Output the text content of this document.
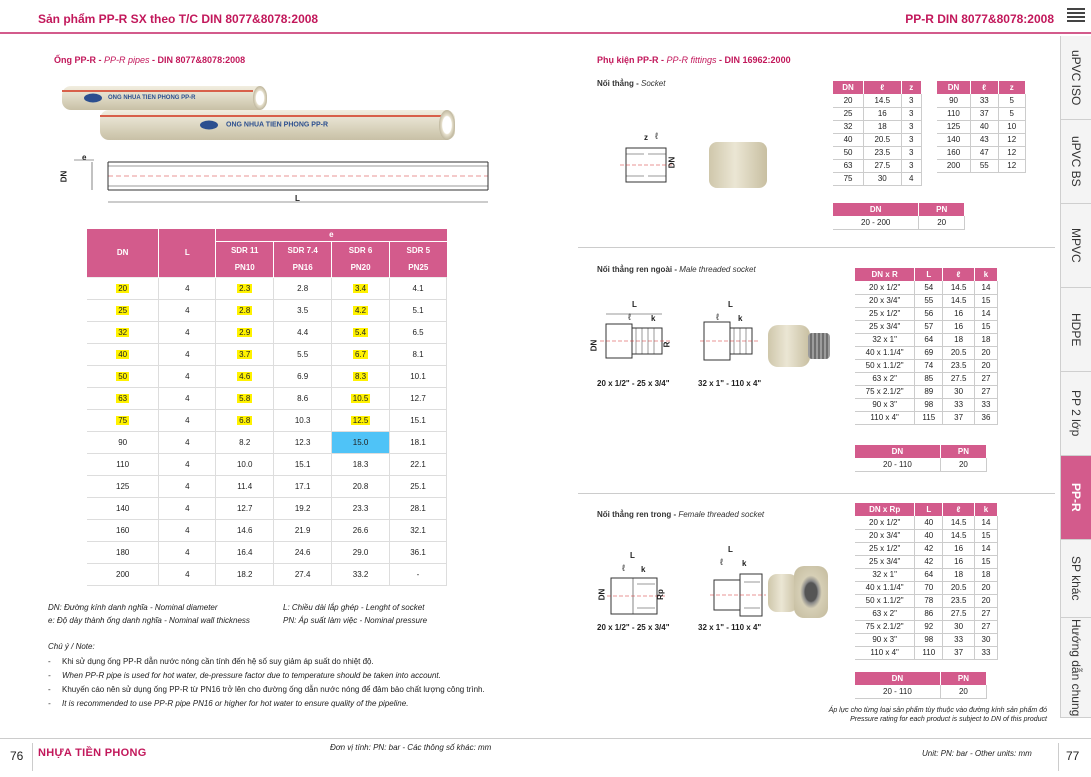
Sản phẩm PP-R SX theo T/C DIN 8077&8078:2008	PP-R DIN 8077&8078:2008
uPVC ISO
uPVC BS
MPVC
HDPE
PP 2 lớp
PP-R
SP khác
Hướng dẫn chung
Ống PP-R - PP-R pipes - DIN 8077&8078:2008
ONG NHUA TIEN PHONG PP-R
ONG NHUA TIEN PHONG PP-R
e
DN
L
DN	L	e			
		SDR 11	SDR 7.4	SDR 6	SDR 5
		PN10	PN16	PN20	PN25
20	4	2.3	2.8	3.4	4.1
25	4	2.8	3.5	4.2	5.1
32	4	2.9	4.4	5.4	6.5
40	4	3.7	5.5	6.7	8.1
50	4	4.6	6.9	8.3	10.1
63	4	5.8	8.6	10.5	12.7
75	4	6.8	10.3	12.5	15.1
90	4	8.2	12.3	15.0	18.1
110	4	10.0	15.1	18.3	22.1
125	4	11.4	17.1	20.8	25.1
140	4	12.7	19.2	23.3	28.1
160	4	14.6	21.9	26.6	32.1
180	4	16.4	24.6	29.0	36.1
200	4	18.2	27.4	33.2	-
DN: Đường kính danh nghĩa - Nominal diameter
e: Độ dày thành ống danh nghĩa - Nominal wall thickness
L: Chiều dài lắp ghép - Lenght of socket
PN: Áp suất làm việc - Nominal pressure
Chú ý / Note:
- Khi sử dụng ống PP-R dẫn nước nóng cần tính đến hệ số suy giảm áp suất do nhiệt độ.
- When PP-R pipe is used for hot water, de-pressure factor due to temperature should be taken into account.
- Khuyến cáo nên sử dụng ống PP-R từ PN16 trở lên cho đường ống dẫn nước nóng để đảm bảo chất lượng công trình.
- It is recommended to use PP-R pipe PN16 or higher for hot water to ensure quality of the pipeline.
Phụ kiện PP-R - PP-R fittings - DIN 16962:2000
Nối thẳng - Socket
z ℓ
DN
DN	ℓ	z
20	14.5	3
25	16	3
32	18	3
40	20.5	3
50	23.5	3
63	27.5	3
75	30	4
DN	ℓ	z
90	33	5
110	37	5
125	40	10
140	43	12
160	47	12
200	55	12
DN	PN
20 - 200	20
Nối thẳng ren ngoài - Male threaded socket
L
ℓ	k
DN	R
20 x 1/2" - 25 x 3/4"
L
ℓ k
32 x 1" - 110 x 4"
DN x R	L	ℓ	k
20 x 1/2"	54	14.5	14
20 x 3/4"	55	14.5	15
25 x 1/2"	56	16	14
25 x 3/4"	57	16	15
32 x 1"	64	18	18
40 x 1.1/4"	69	20.5	20
50 x 1.1/2"	74	23.5	20
63 x 2"	85	27.5	27
75 x 2.1/2"	89	30	27
90 x 3"	98	33	33
110 x 4"	115	37	36
DN	PN
20 - 110	20
Nối thẳng ren trong - Female threaded socket
L
ℓ k
DN	Rp
20 x 1/2" - 25 x 3/4"
L
ℓ k
32 x 1" - 110 x 4"
DN x Rp	L	ℓ	k
20 x 1/2"	40	14.5	14
20 x 3/4"	40	14.5	15
25 x 1/2"	42	16	14
25 x 3/4"	42	16	15
32 x 1"	64	18	18
40 x 1.1/4"	70	20.5	20
50 x 1.1/2"	78	23.5	20
63 x 2"	86	27.5	27
75 x 2.1/2"	92	30	27
90 x 3"	98	33	30
110 x 4"	110	37	33
DN	PN
20 - 110	20
Áp lực cho từng loại sản phẩm tùy thuộc vào đường kính sản phẩm đó
Pressure rating for each product is subject to DN of this product
76 NHỰA TIỀN PHONG	Đơn vị tính: PN: bar - Các thông số khác: mm
Unit: PN: bar - Other units: mm	77
